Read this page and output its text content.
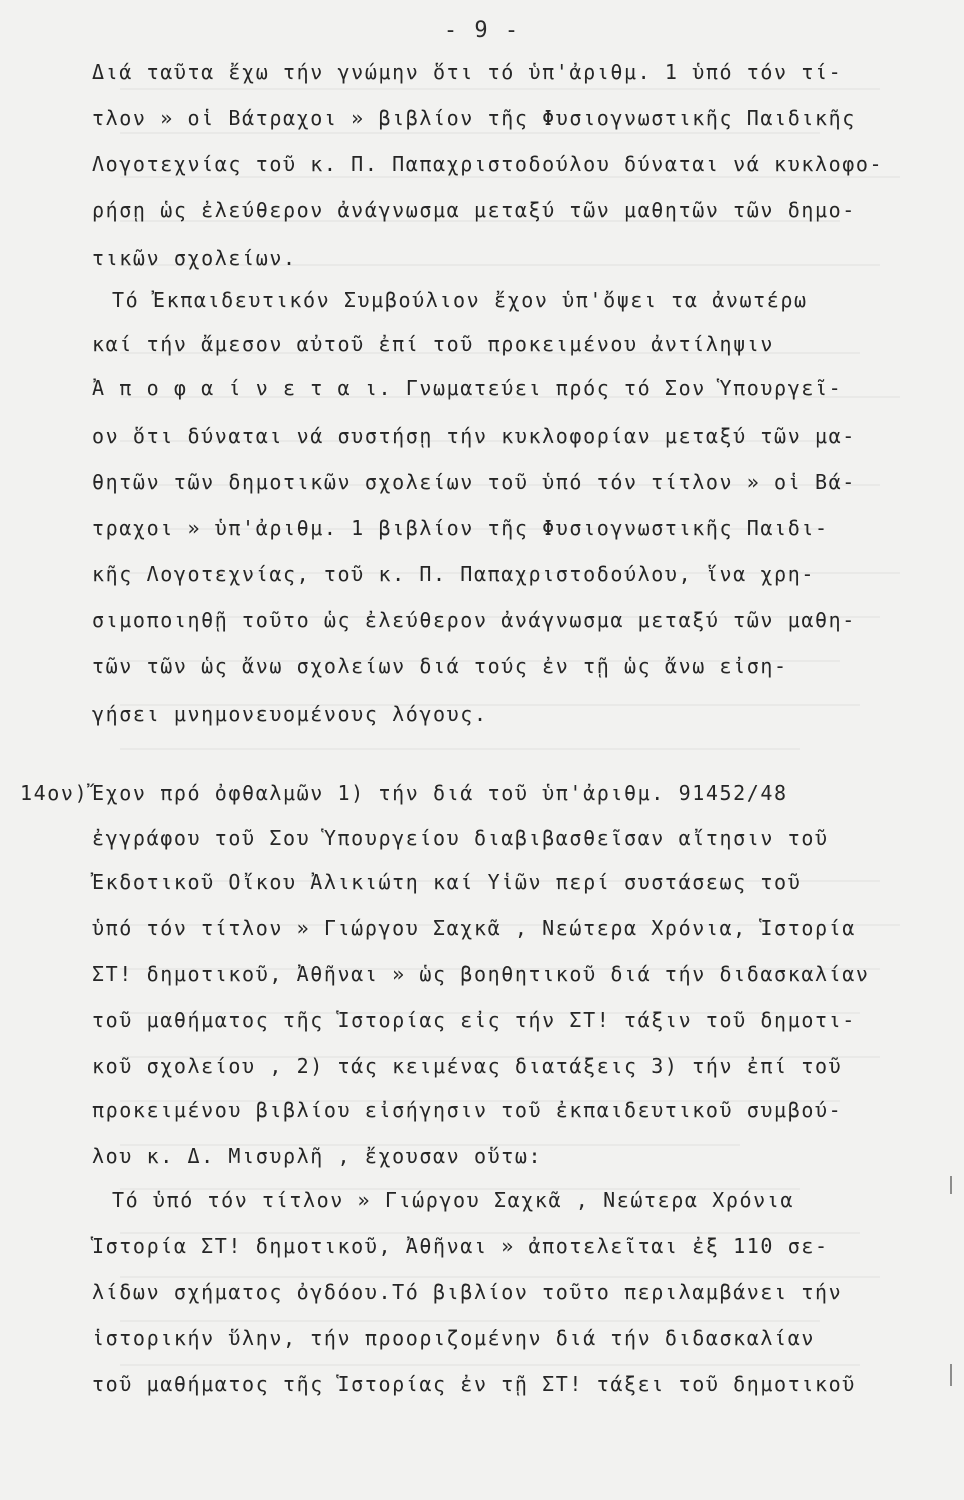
- 9 -
14ον)
Διά ταῦτα ἔχω τήν γνώμην ὅτι τό ὑπ'ἀριθμ. 1 ὑπό τόν τί-
τλον » οἱ Βάτραχοι » βιβλίον τῆς Φυσιογνωστικῆς Παιδικῆς
Λογοτεχνίας τοῦ κ. Π. Παπαχριστοδούλου δύναται νά κυκλοφο-
ρήσῃ ὡς ἐλεύθερον ἀνάγνωσμα μεταξύ τῶν μαθητῶν τῶν δημο-
τικῶν σχολείων.
Τό Ἐκπαιδευτικόν Συμβούλιον ἔχον ὑπ'ὄψει τα ἀνωτέρω
καί τήν ἄμεσον αὐτοῦ ἐπί τοῦ προκειμένου ἀντίληψιν
Ἀ π ο φ α ί ν ε τ α ι. Γνωματεύει πρός τό Σον Ὑπουργεῖ-
ον ὅτι δύναται νά συστήσῃ τήν κυκλοφορίαν μεταξύ τῶν μα-
θητῶν τῶν δημοτικῶν σχολείων τοῦ ὑπό τόν τίτλον » οἱ Βά-
τραχοι » ὑπ'ἀριθμ. 1 βιβλίον τῆς Φυσιογνωστικῆς Παιδι-
κῆς Λογοτεχνίας, τοῦ κ. Π. Παπαχριστοδούλου, ἵνα χρη-
σιμοποιηθῇ τοῦτο ὡς ἐλεύθερον ἀνάγνωσμα μεταξύ τῶν μαθη-
τῶν τῶν ὡς ἄνω σχολείων διά τούς ἐν τῇ ὡς ἄνω εἰση-
γήσει μνημονευομένους λόγους.
Ἔχον πρό ὀφθαλμῶν 1) τήν διά τοῦ ὑπ'ἀριθμ. 91452/48
ἐγγράφου τοῦ Σου Ὑπουργείου διαβιβασθεῖσαν αἴτησιν τοῦ
Ἐκδοτικοῦ Οἴκου Ἀλικιώτη καί Υἱῶν περί συστάσεως τοῦ
ὑπό τόν τίτλον » Γιώργου Σαχκᾶ , Νεώτερα Χρόνια, Ἱστορία
ΣΤ! δημοτικοῦ, Ἀθῆναι » ὡς βοηθητικοῦ διά τήν διδασκαλίαν
τοῦ μαθήματος τῆς Ἱστορίας εἰς τήν ΣΤ! τάξιν τοῦ δημοτι-
κοῦ σχολείου , 2) τάς κειμένας διατάξεις 3) τήν ἐπί τοῦ
προκειμένου βιβλίου εἰσήγησιν τοῦ ἐκπαιδευτικοῦ συμβού-
λου κ. Δ. Μισυρλῆ , ἔχουσαν οὕτω:
Τό ὑπό τόν τίτλον » Γιώργου Σαχκᾶ , Νεώτερα Χρόνια
Ἱστορία ΣΤ! δημοτικοῦ, Ἀθῆναι » ἀποτελεῖται ἐξ 110 σε-
λίδων σχήματος ὀγδόου.Τό βιβλίον τοῦτο περιλαμβάνει τήν
ἱστορικήν ὕλην, τήν προοριζομένην διά τήν διδασκαλίαν
τοῦ μαθήματος τῆς Ἱστορίας ἐν τῇ ΣΤ! τάξει τοῦ δημοτικοῦ
